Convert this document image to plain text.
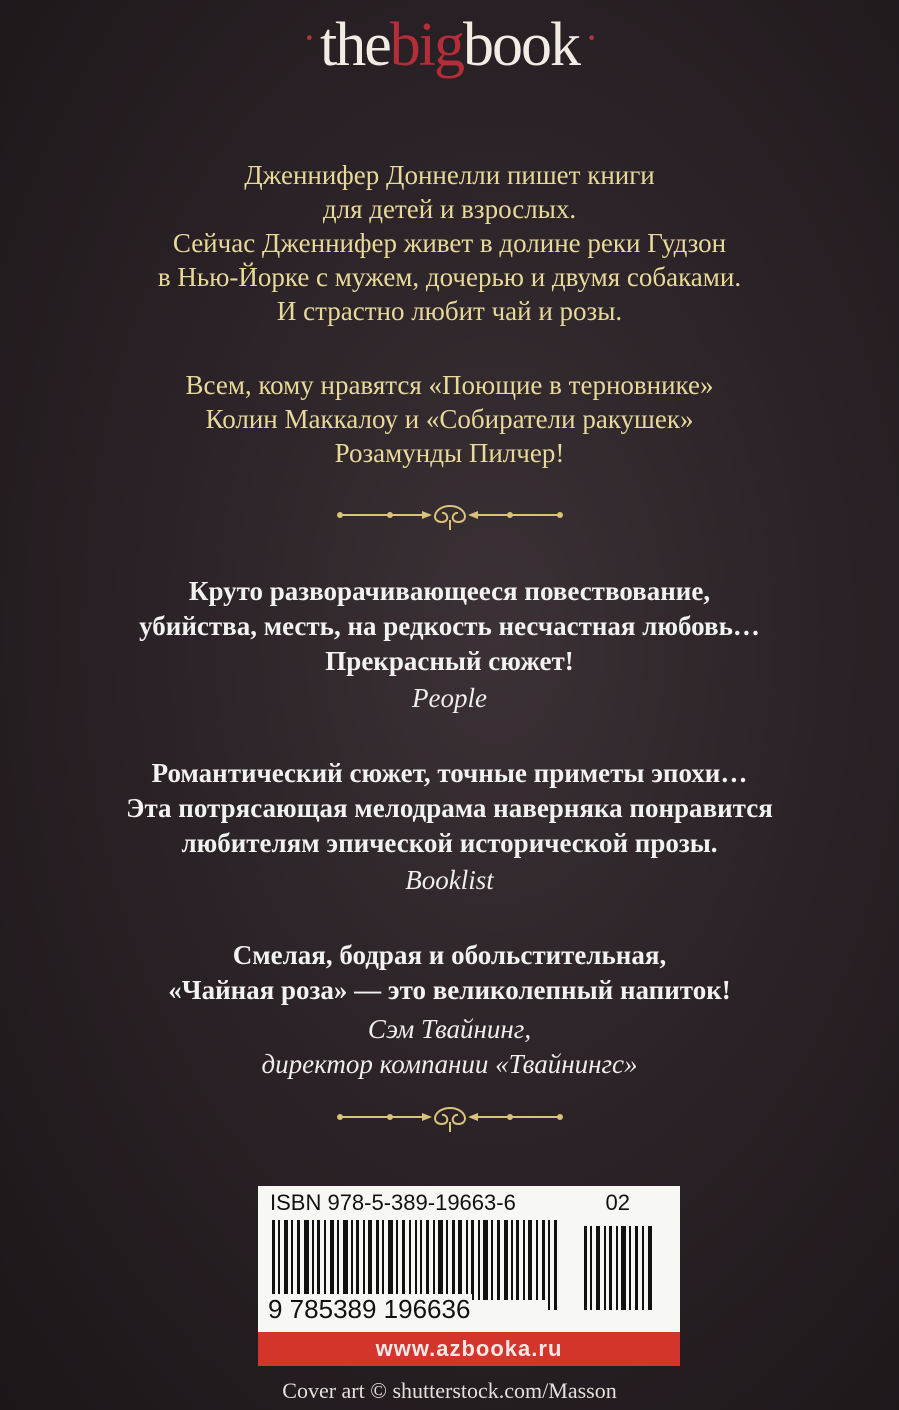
·thebigbook ·
Дженнифер Доннелли пишет книги
для детей и взрослых.
Сейчас Дженнифер живет в долине реки Гудзон
в Нью-Йорке с мужем, дочерью и двумя собаками.
И страстно любит чай и розы.
Всем, кому нравятся «Поющие в терновнике»
Колин Маккалоу и «Собиратели ракушек»
Розамунды Пилчер!
Круто разворачивающееся повествование,
убийства, месть, на редкость несчастная любовь…
Прекрасный сюжет!
People
Романтический сюжет, точные приметы эпохи…
Эта потрясающая мелодрама наверняка понравится
любителям эпической исторической прозы.
Booklist
Смелая, бодрая и обольстительная,
«Чайная роза» — это великолепный напиток!
Сэм Твайнинг,
директор компании «Твайнингс»
ISBN 978-5-389-19663-6	02
9 785389 196636
www.azbooka.ru
Cover art © shutterstock.com/Masson
